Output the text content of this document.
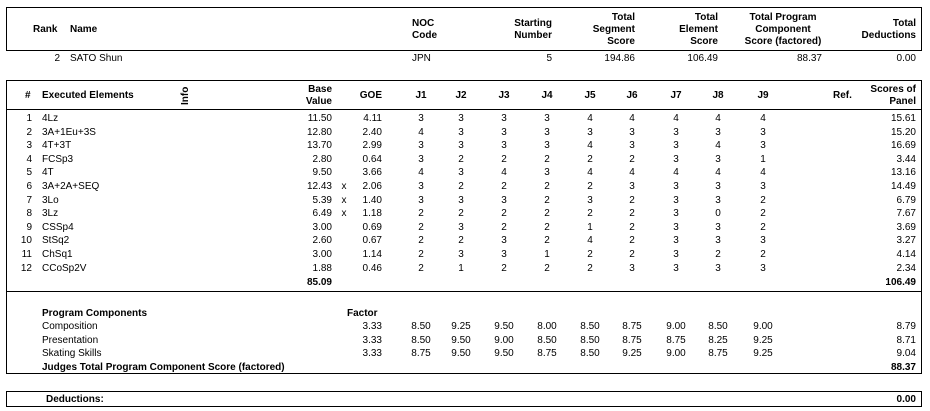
Rank Name
NOC
Code
Starting
Number
Total
Segment
Score
Total
Element
Score
Total Program
Component
Score (factored)
Total
Deductions
2 SATO Shun	JPN	5	194.86	106.49	88.37	0.00
# Executed Elements	Info	Base
Value
GOE	J1	J2	J3	J4	J5	J6	J7	J8	J9	Ref.
Scores of
Panel
1 4Lz	11.50	4.11	3	3	3	3	4	4	4	4	4	15.61
2 3A+1Eu+3S	12.80	2.40	4	3	3	3	3	3	3	3	3	15.20
3 4T+3T	13.70	2.99	3	3	3	3	4	3	3	4	3	16.69
4 FCSp3	2.80	0.64	3	2	2	2	2	2	3	3	1	3.44
5 4T	9.50	3.66	4	3	4	3	4	4	4	4	4	13.16
6 3A+2A+SEQ	12.43 x	2.06	3	2	2	2	2	3	3	3	3	14.49
7 3Lo	5.39 x	1.40	3	3	3	2	3	2	3	3	2	6.79
8 3Lz	6.49 x	1.18	2	2	2	2	2	2	3	0	2	7.67
9 CSSp4	3.00	0.69	2	3	2	2	1	2	3	3	2	3.69
10 StSq2	2.60	0.67	2	2	3	2	4	2	3	3	3	3.27
11 ChSq1	3.00	1.14	2	3	3	1	2	2	3	2	2	4.14
12 CCoSp2V	1.88	0.46	2	1	2	2	2	3	3	3	3	2.34
85.09	106.49
Program Components	Factor
Composition	3.33	8.50	9.25	9.50	8.00	8.50	8.75	9.00	8.50	9.00	8.79
Presentation	3.33	8.50	9.50	9.00	8.50	8.50	8.75	8.75	8.25	9.25	8.71
Skating Skills	3.33	8.75	9.50	9.50	8.75	8.50	9.25	9.00	8.75	9.25	9.04
Judges Total Program Component Score (factored)	88.37
Deductions:	0.00
